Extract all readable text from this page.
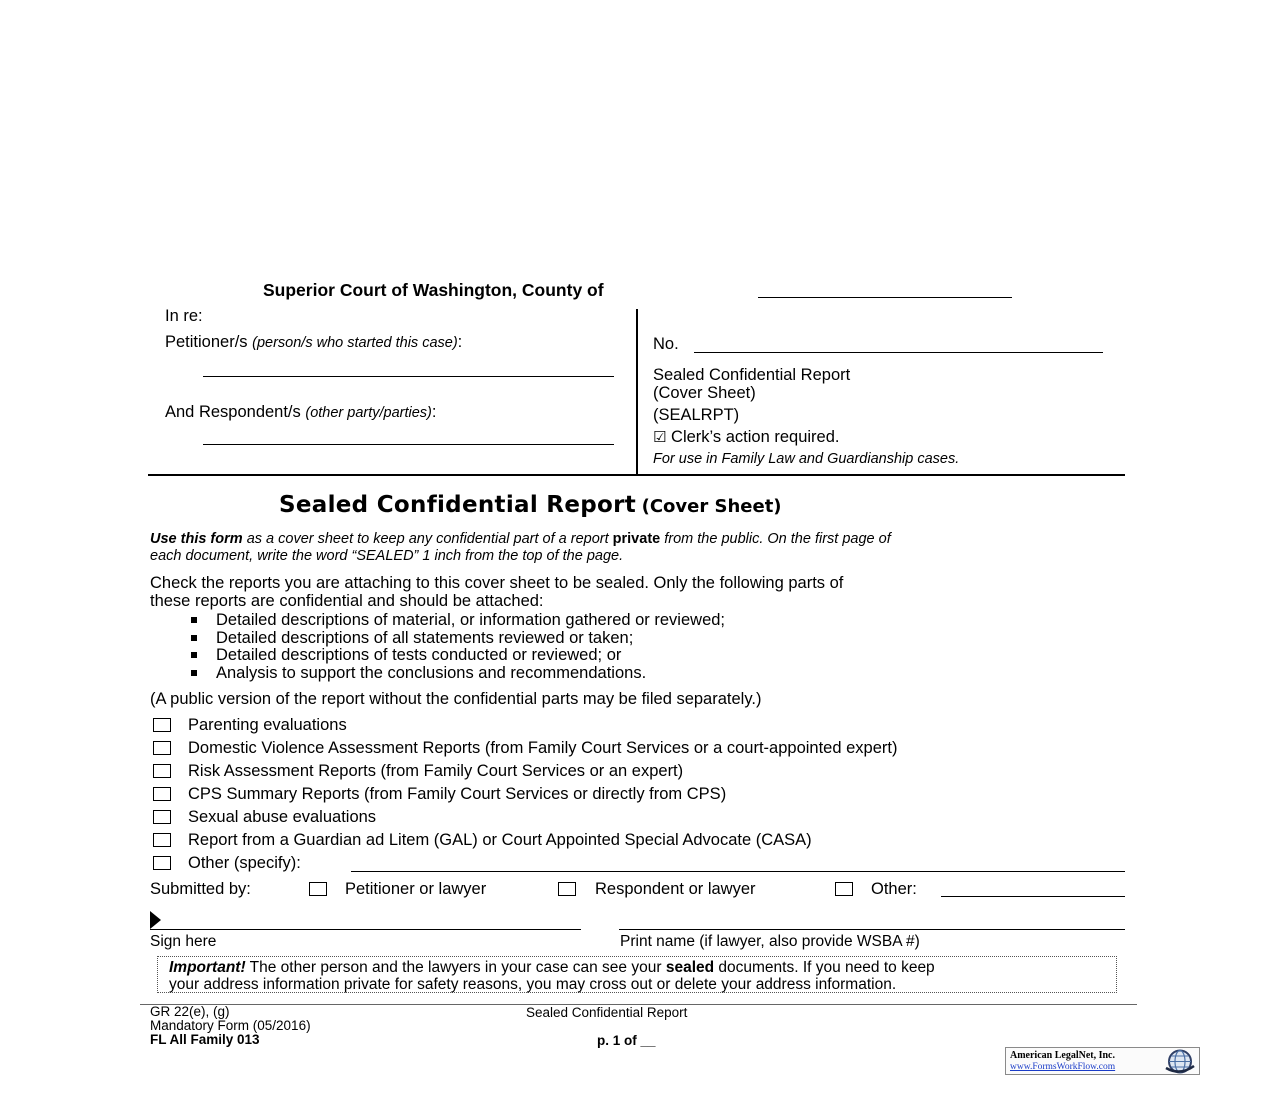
Superior Court of Washington, County of
In re:
Petitioner/s (person/s who started this case):
And Respondent/s (other party/parties):
No.
Sealed Confidential Report
(Cover Sheet)
(SEALRPT)
☑ Clerk’s action required.
For use in Family Law and Guardianship cases.
Sealed Confidential Report (Cover Sheet)
Use this form as a cover sheet to keep any confidential part of a report private from the public. On the first page of
each document, write the word “SEALED” 1 inch from the top of the page.
Check the reports you are attaching to this cover sheet to be sealed. Only the following parts of
these reports are confidential and should be attached:
Detailed descriptions of material, or information gathered or reviewed;
Detailed descriptions of all statements reviewed or taken;
Detailed descriptions of tests conducted or reviewed; or
Analysis to support the conclusions and recommendations.
(A public version of the report without the confidential parts may be filed separately.)
Parenting evaluations
Domestic Violence Assessment Reports (from Family Court Services or a court-appointed expert)
Risk Assessment Reports (from Family Court Services or an expert)
CPS Summary Reports (from Family Court Services or directly from CPS)
Sexual abuse evaluations
Report from a Guardian ad Litem (GAL) or Court Appointed Special Advocate (CASA)
Other (specify):
Submitted by:	Petitioner or lawyer	Respondent or lawyer	Other:
Sign here	Print name (if lawyer, also provide WSBA #)
Important! The other person and the lawyers in your case can see your sealed documents. If you need to keep
your address information private for safety reasons, you may cross out or delete your address information.
GR 22(e), (g)
Mandatory Form (05/2016)
FL All Family 013
Sealed Confidential Report
p. 1 of __
American LegalNet, Inc.
www.FormsWorkFlow.com
